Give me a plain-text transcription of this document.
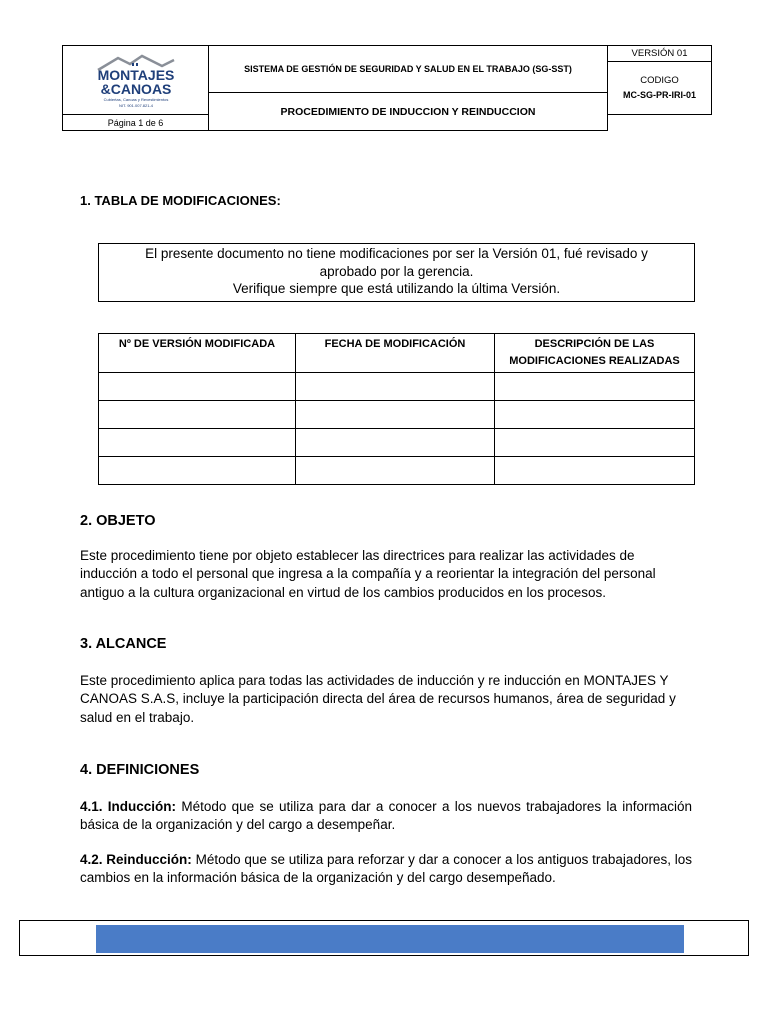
MONTAJES
&CANOAS
Cubiertas, Canoas y Revestimientos
NIT. 901.007.821-4
	SISTEMA DE GESTIÓN DE SEGURIDAD Y SALUD EN EL TRABAJO (SG-SST)	VERSIÓN 01

CODIGO
MC-SG-PR-IRI-01

PROCEDIMIENTO DE INDUCCION Y REINDUCCION
Página 1 de 6
1. TABLA DE MODIFICACIONES:
El presente documento no tiene modificaciones por ser la Versión 01, fué revisado y
aprobado por la gerencia.
Verifique siempre que está utilizando la última Versión.
Nº DE VERSIÓN MODIFICADA	FECHA DE MODIFICACIÓN	DESCRIPCIÓN DE LAS MODIFICACIONES REALIZADAS

2. OBJETO
Este procedimiento tiene por objeto establecer las directrices para realizar las actividades de inducción a todo el personal que ingresa a la compañía y a reorientar la integración del personal antiguo a la cultura organizacional en virtud de los cambios producidos en los procesos.
3. ALCANCE
Este procedimiento aplica para todas las actividades de inducción y re inducción en MONTAJES Y CANOAS S.A.S, incluye la participación directa del área de recursos humanos, área de seguridad y salud en el trabajo.
4. DEFINICIONES
4.1. Inducción: Método que se utiliza para dar a conocer a los nuevos trabajadores la información básica de la organización y del cargo a desempeñar.
4.2. Reinducción: Método que se utiliza para reforzar y dar a conocer a los antiguos trabajadores, los cambios en la información básica de la organización y del cargo desempeñado.
